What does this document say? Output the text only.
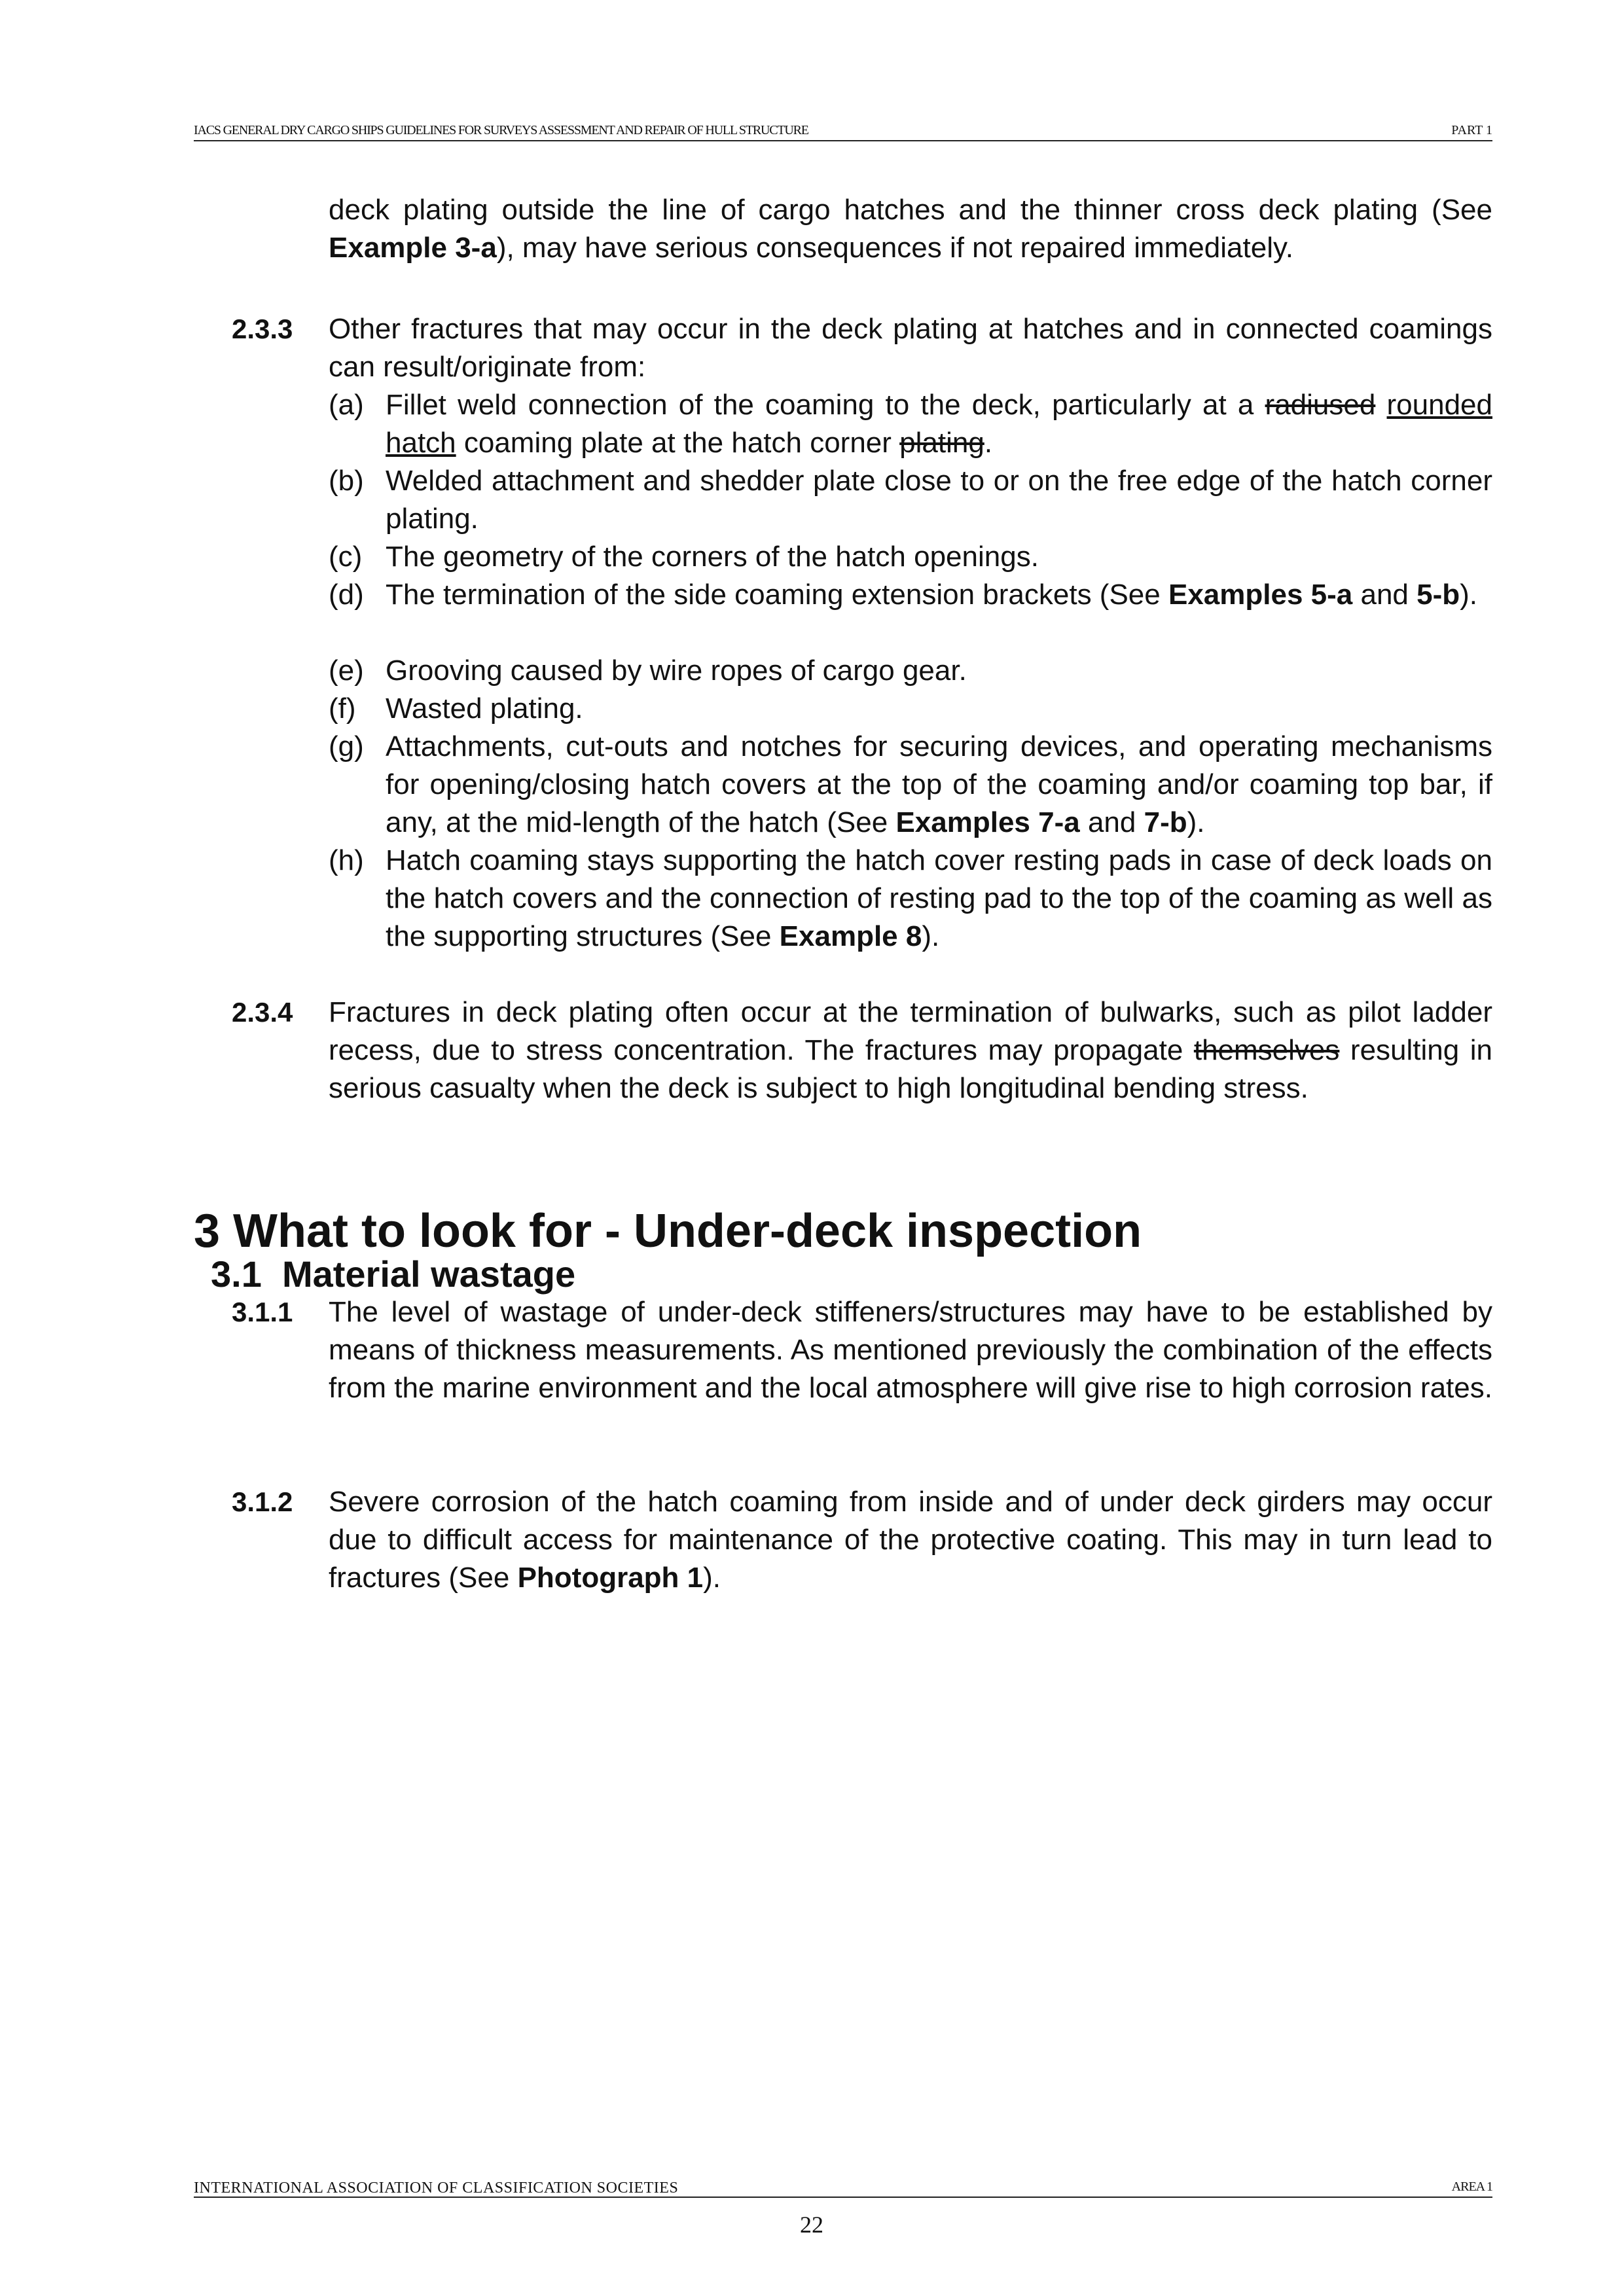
IACS GENERAL DRY CARGO SHIPS GUIDELINES FOR SURVEYS ASSESSMENT AND REPAIR OF HULL STRUCTURE	PART 1
deck plating outside the line of cargo hatches and the thinner cross deck plating (See Example 3-a), may have serious consequences if not repaired immediately.
2.3.3 Other fractures that may occur in the deck plating at hatches and in connected coamings can result/originate from:
(a) Fillet weld connection of the coaming to the deck, particularly at a radiused rounded hatch coaming plate at the hatch corner plating.
(b) Welded attachment and shedder plate close to or on the free edge of the hatch corner plating.
(c) The geometry of the corners of the hatch openings.
(d) The termination of the side coaming extension brackets (See Examples 5-a and 5-b).
(e) Grooving caused by wire ropes of cargo gear.
(f) Wasted plating.
(g) Attachments, cut-outs and notches for securing devices, and operating mechanisms for opening/closing hatch covers at the top of the coaming and/or coaming top bar, if any, at the mid-length of the hatch (See Examples 7-a and 7-b).
(h) Hatch coaming stays supporting the hatch cover resting pads in case of deck loads on the hatch covers and the connection of resting pad to the top of the coaming as well as the supporting structures (See Example 8).
2.3.4 Fractures in deck plating often occur at the termination of bulwarks, such as pilot ladder recess, due to stress concentration. The fractures may propagate themselves resulting in serious casualty when the deck is subject to high longitudinal bending stress.
3 What to look for - Under-deck inspection
3.1  Material wastage
3.1.1 The level of wastage of under-deck stiffeners/structures may have to be established by means of thickness measurements. As mentioned previously the combination of the effects from the marine environment and the local atmosphere will give rise to high corrosion rates.
3.1.2 Severe corrosion of the hatch coaming from inside and of under deck girders may occur due to difficult access for maintenance of the protective coating. This may in turn lead to fractures (See Photograph 1).
INTERNATIONAL ASSOCIATION OF CLASSIFICATION SOCIETIES	AREA 1
22
